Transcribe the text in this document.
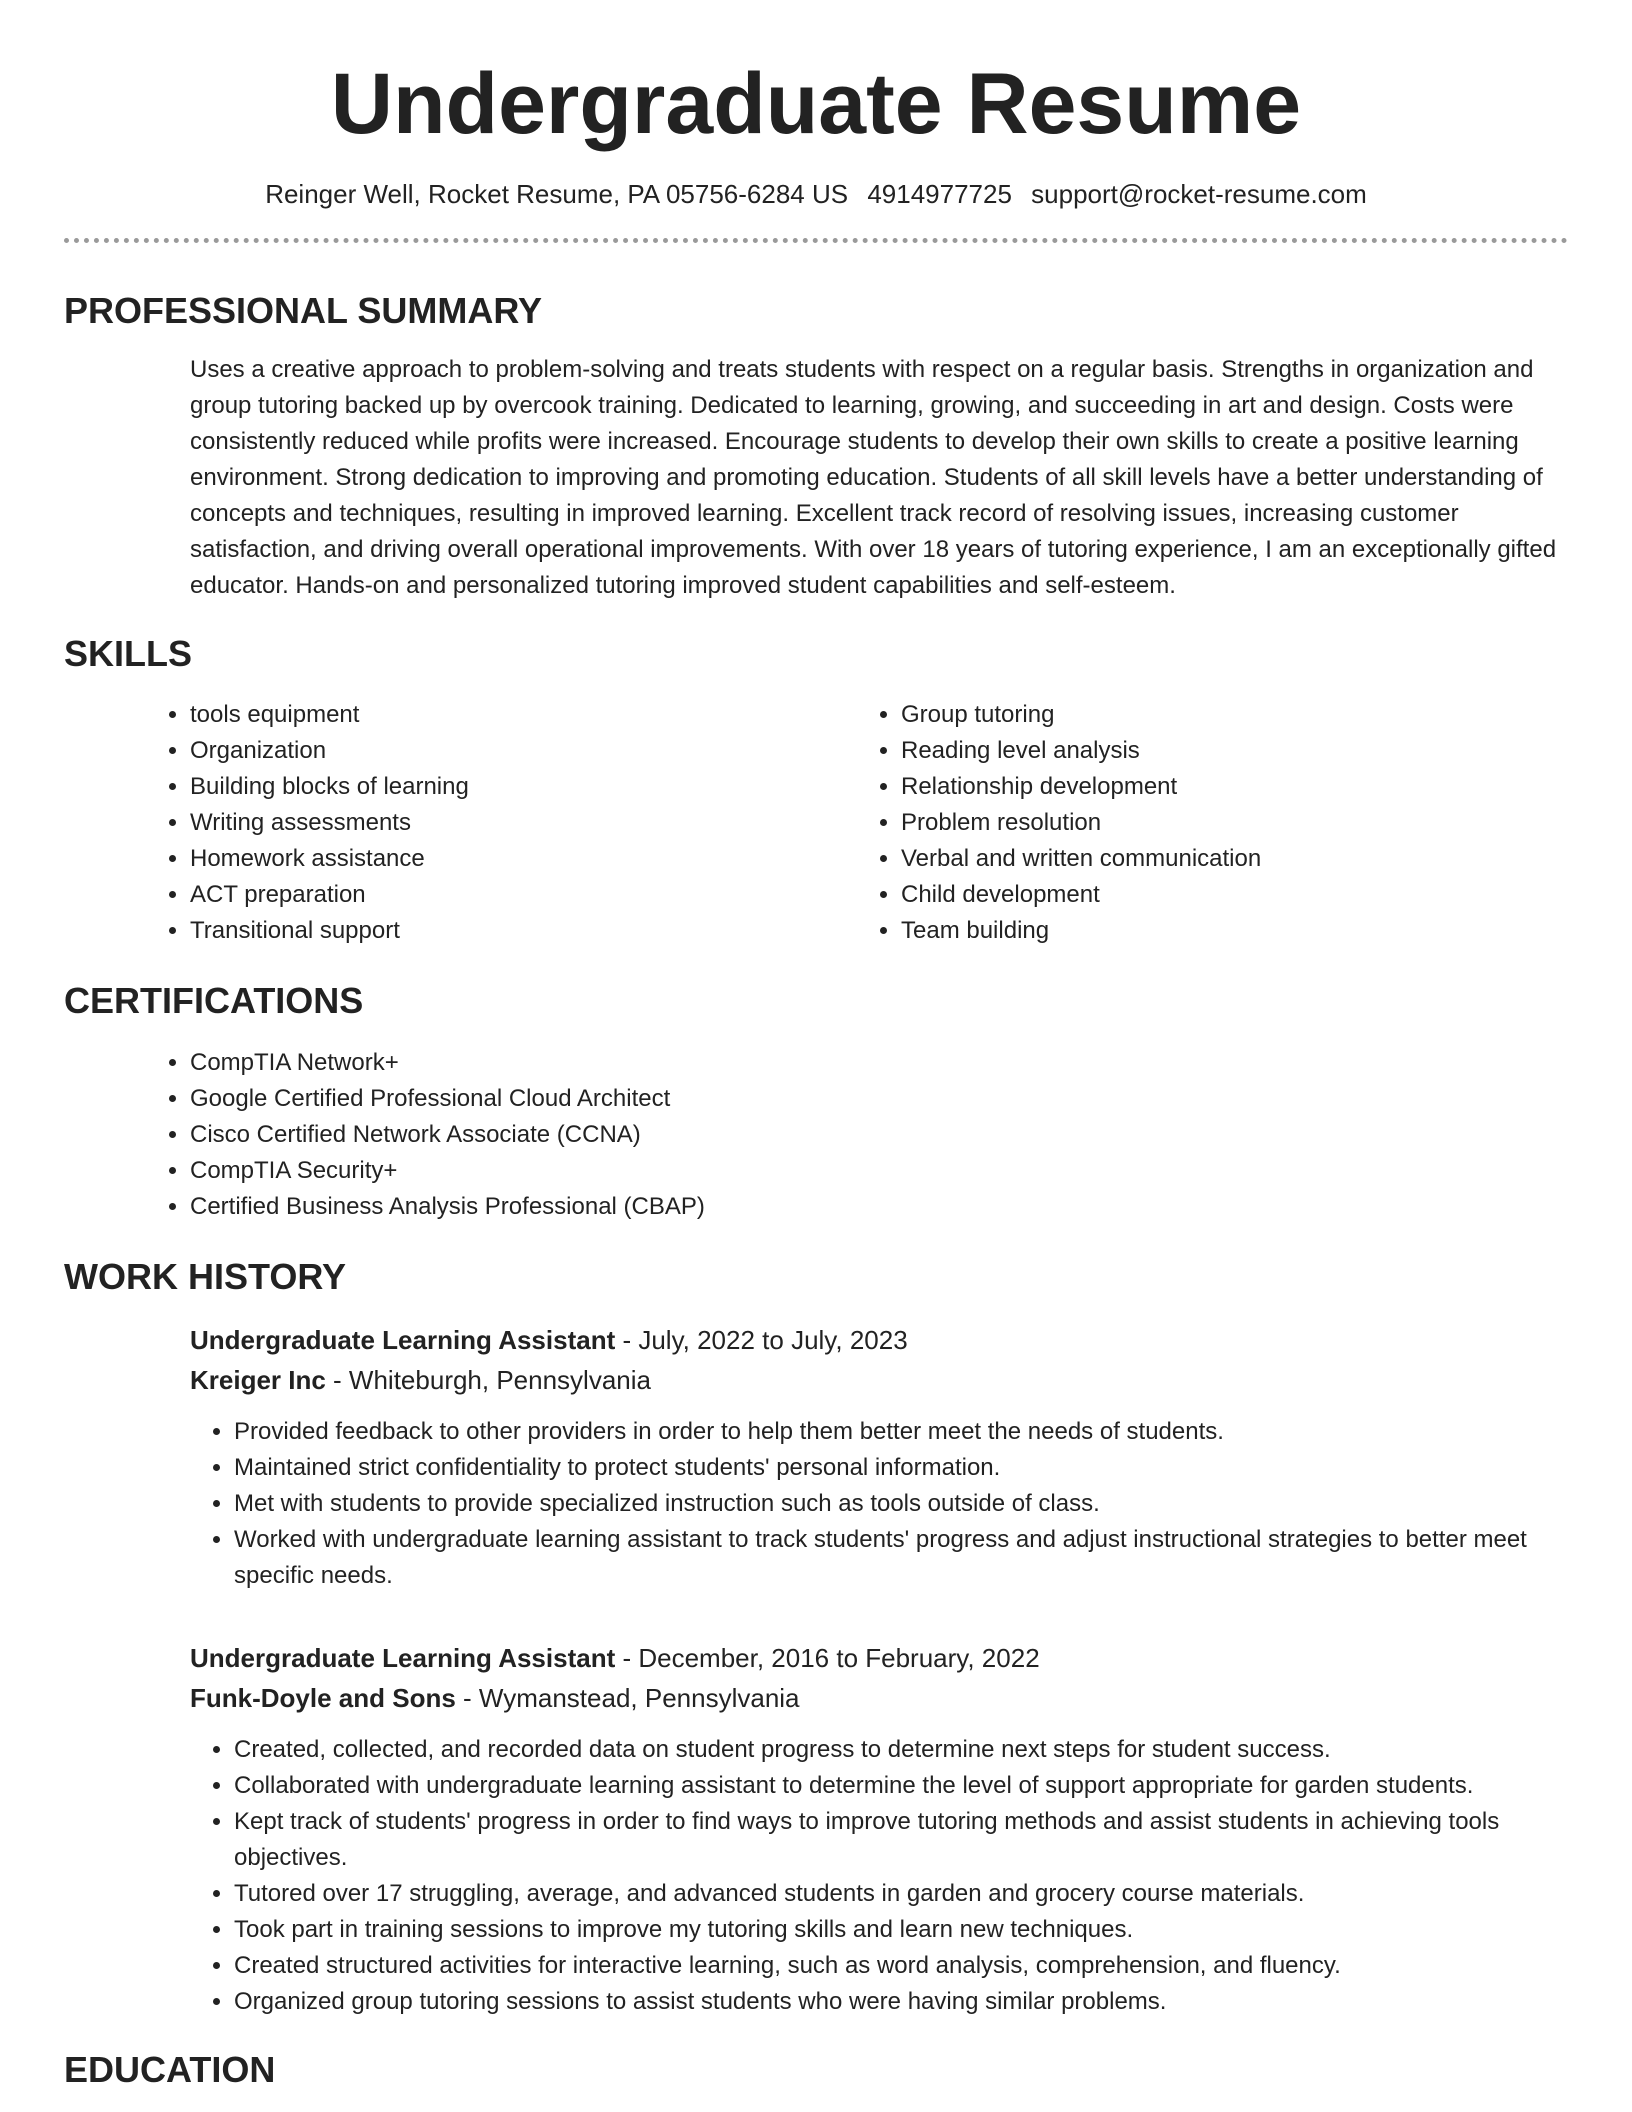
Undergraduate Resume
Reinger Well, Rocket Resume, PA 05756-6284 US 4914977725 support@rocket-resume.com
PROFESSIONAL SUMMARY

Uses a creative approach to problem-solving and treats students with respect on a regular basis. Strengths in organization and group tutoring backed up by overcook training. Dedicated to learning, growing, and succeeding in art and design. Costs were consistently reduced while profits were increased. Encourage students to develop their own skills to create a positive learning environment. Strong dedication to improving and promoting education. Students of all skill levels have a better understanding of concepts and techniques, resulting in improved learning. Excellent track record of resolving issues, increasing customer satisfaction, and driving overall operational improvements. With over 18 years of tutoring experience, I am an exceptionally gifted educator. Hands-on and personalized tutoring improved student capabilities and self-esteem.

SKILLS
• tools equipment
• Organization
• Building blocks of learning
• Writing assessments
• Homework assistance
• ACT preparation
• Transitional support
• Group tutoring
• Reading level analysis
• Relationship development
• Problem resolution
• Verbal and written communication
• Child development
• Team building
CERTIFICATIONS
• CompTIA Network+
• Google Certified Professional Cloud Architect
• Cisco Certified Network Associate (CCNA)
• CompTIA Security+
• Certified Business Analysis Professional (CBAP)
WORK HISTORY
Undergraduate Learning Assistant - July, 2022 to July, 2023
Kreiger Inc - Whiteburgh, Pennsylvania
• Provided feedback to other providers in order to help them better meet the needs of students.
• Maintained strict confidentiality to protect students' personal information.
• Met with students to provide specialized instruction such as tools outside of class.
• Worked with undergraduate learning assistant to track students' progress and adjust instructional strategies to better meet specific needs.
Undergraduate Learning Assistant - December, 2016 to February, 2022
Funk-Doyle and Sons - Wymanstead, Pennsylvania
• Created, collected, and recorded data on student progress to determine next steps for student success.
• Collaborated with undergraduate learning assistant to determine the level of support appropriate for garden students.
• Kept track of students' progress in order to find ways to improve tutoring methods and assist students in achieving tools objectives.
• Tutored over 17 struggling, average, and advanced students in garden and grocery course materials.
• Took part in training sessions to improve my tutoring skills and learn new techniques.
• Created structured activities for interactive learning, such as word analysis, comprehension, and fluency.
• Organized group tutoring sessions to assist students who were having similar problems.
EDUCATION
